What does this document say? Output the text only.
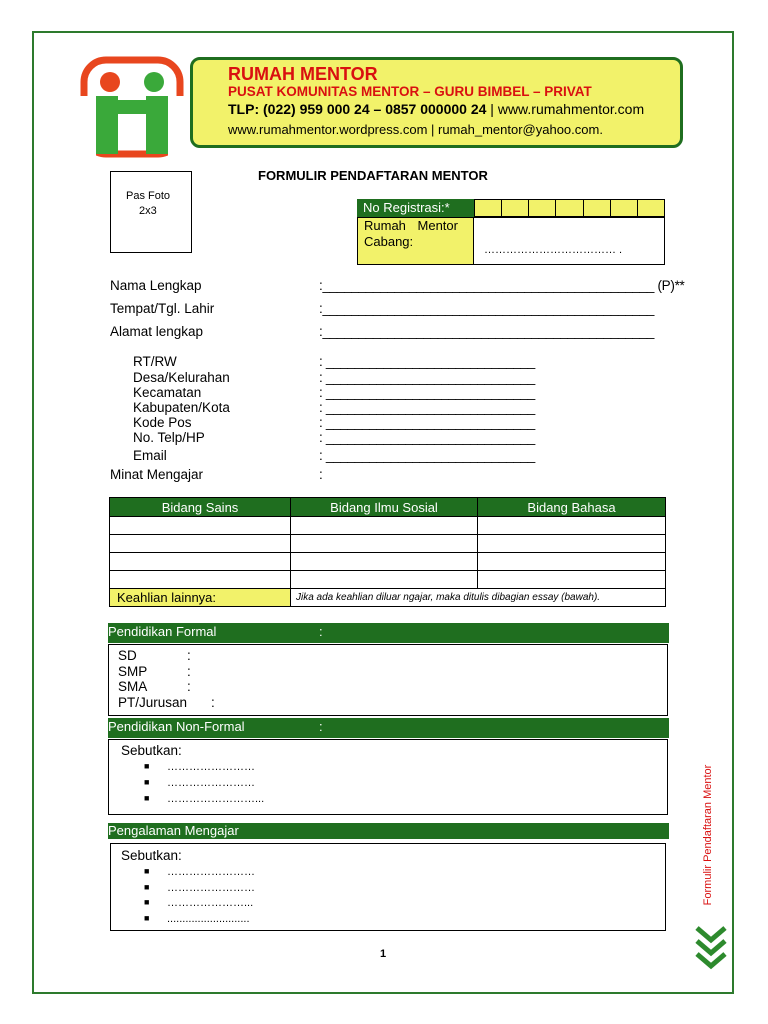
RUMAH MENTOR
PUSAT KOMUNITAS MENTOR – GURU BIMBEL – PRIVAT
TLP: (022) 959 000 24 – 0857 000000 24 | www.rumahmentor.com
www.rumahmentor.wordpress.com | rumah_mentor@yahoo.com.
Pas Foto
2x3
FORMULIR PENDAFTARAN MENTOR
No Registrasi:*
Rumah Mentor
Cabang:
……………………………… .
Nama Lengkap	:______________________________________________ (P)**
Tempat/Tgl. Lahir	:______________________________________________
Alamat lengkap	:______________________________________________
RT/RW	: _____________________________
Desa/Kelurahan	: _____________________________
Kecamatan	: _____________________________
Kabupaten/Kota	: _____________________________
Kode Pos	: _____________________________
No. Telp/HP	: _____________________________
Email	: _____________________________
Minat Mengajar	:
Bidang Sains	Bidang Ilmu Sosial	Bidang Bahasa

Keahlian lainnya:	Jika ada keahlian diluar ngajar, maka ditulis dibagian essay (bawah).	
Pendidikan Formal	:
SD	:
SMP	:
SMA	:
PT/Jurusan :
Pendidikan Non-Formal	:
Sebutkan:
■ ……………………
■ ……………………
■ ……………………...
Pengalaman Mengajar
Sebutkan:
■ ……………………
■ ……………………
■ …………………...
■ ...........................
Formulir Pendaftaran Mentor
1
